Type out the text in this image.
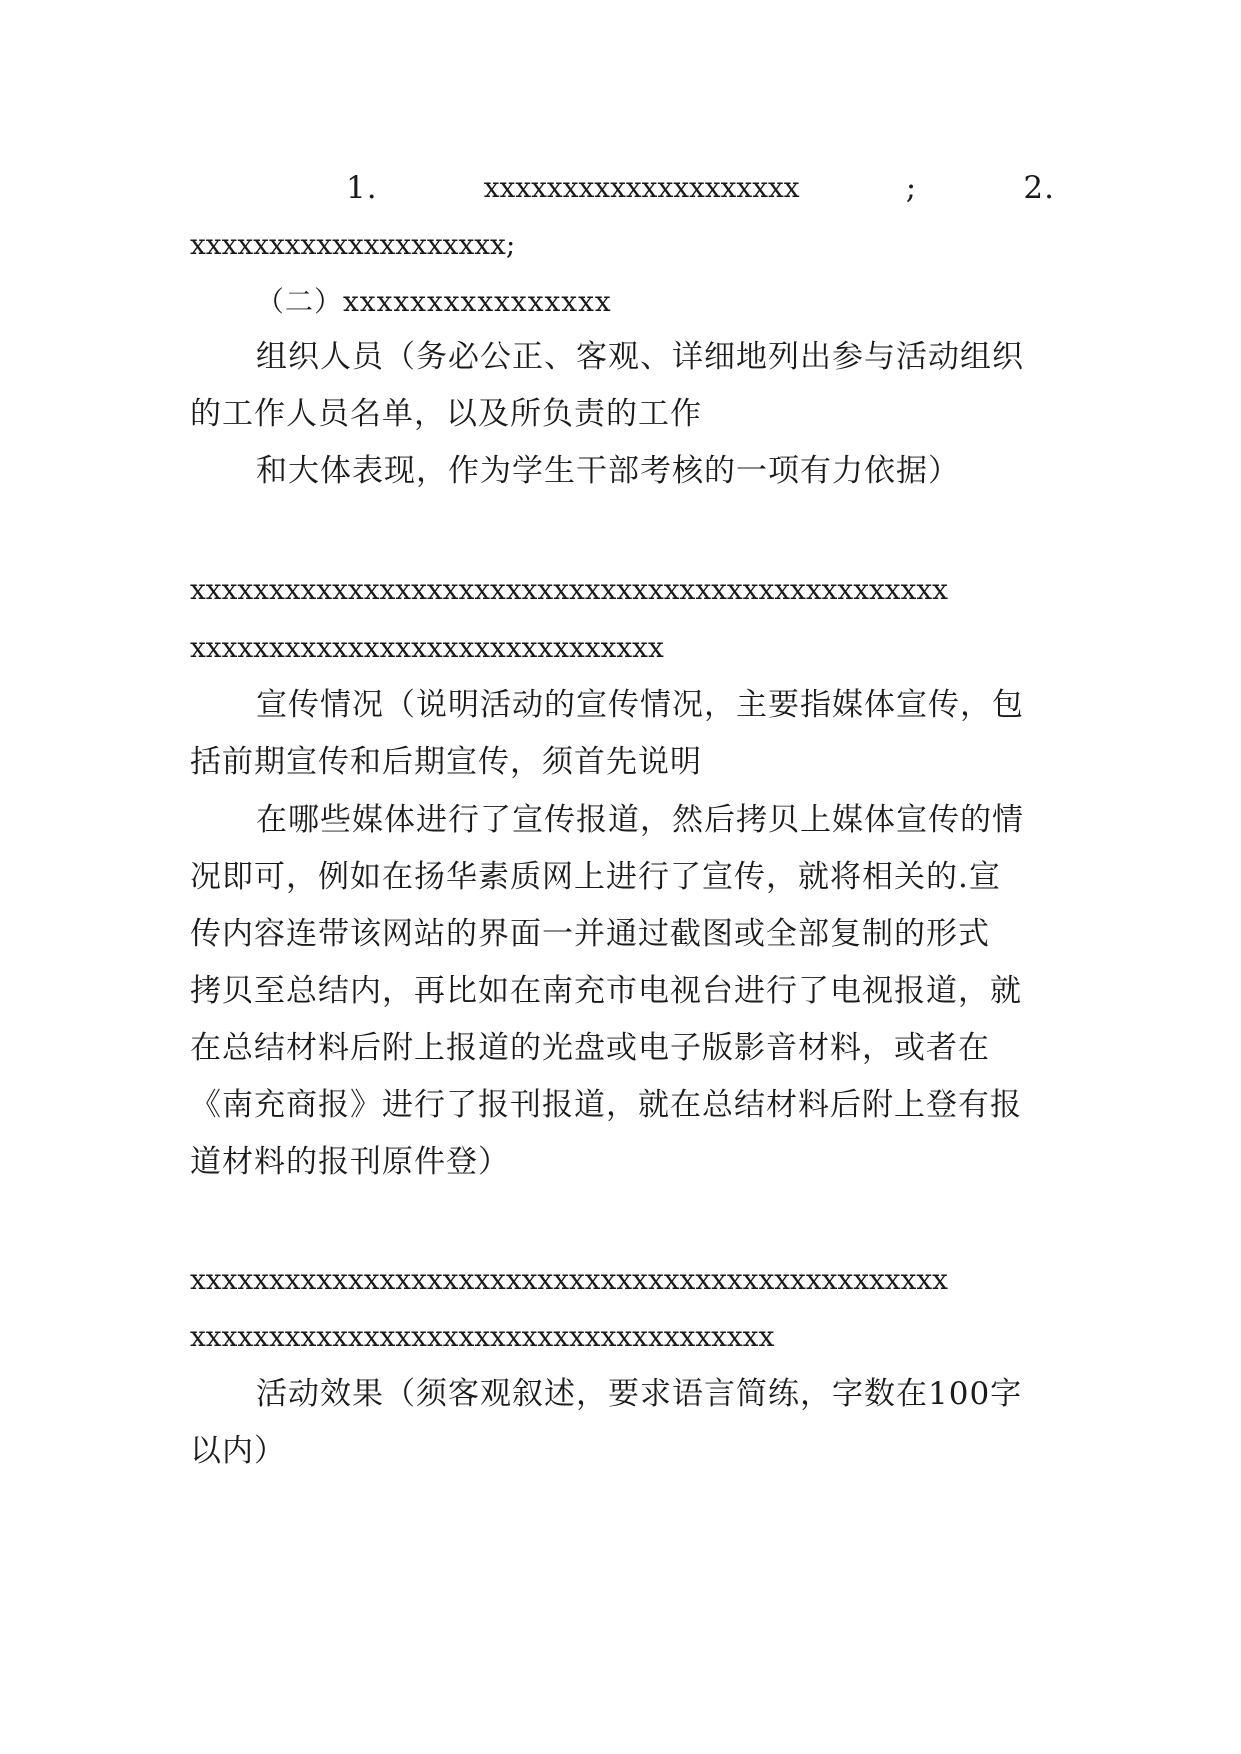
1.	xxxxxxxxxxxxxxxxxxxx	;	2.
xxxxxxxxxxxxxxxxxxxx;
（二）xxxxxxxxxxxxxxxx
组织人员（务必公正、客观、详细地列出参与活动组织
的工作人员名单，以及所负责的工作
和大体表现，作为学生干部考核的一项有力依据）
xxxxxxxxxxxxxxxxxxxxxxxxxxxxxxxxxxxxxxxxxxxxxxxx
xxxxxxxxxxxxxxxxxxxxxxxxxxxxxx
宣传情况（说明活动的宣传情况，主要指媒体宣传，包
括前期宣传和后期宣传，须首先说明
在哪些媒体进行了宣传报道，然后拷贝上媒体宣传的情
况即可，例如在扬华素质网上进行了宣传，就将相关的.宣
传内容连带该网站的界面一并通过截图或全部复制的形式
拷贝至总结内，再比如在南充市电视台进行了电视报道，就
在总结材料后附上报道的光盘或电子版影音材料，或者在
《南充商报》进行了报刊报道，就在总结材料后附上登有报
道材料的报刊原件登）
xxxxxxxxxxxxxxxxxxxxxxxxxxxxxxxxxxxxxxxxxxxxxxxx
xxxxxxxxxxxxxxxxxxxxxxxxxxxxxxxxxxxxx
活动效果（须客观叙述，要求语言简练，字数在100字
以内）
